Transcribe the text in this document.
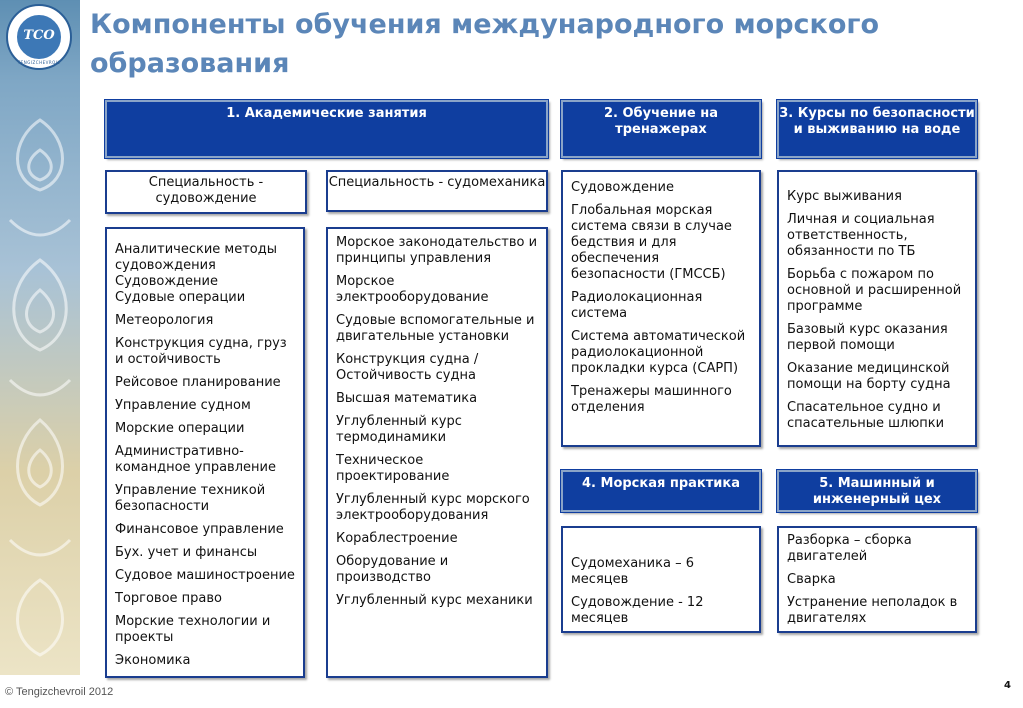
TCO
TENGIZCHEVROIL
Компоненты обучения международного морского образования
1. Академические занятия	2. Обучение на тренажерах
3. Курсы по безопасности и выживанию на воде
Специальность - судовождение
Специальность - судомеханика
Аналитические методы судовождения
Судовождение
Судовые операции
Метеорология
Конструкция судна, груз и остойчивость
Рейсовое планирование
Управление судном
Морские операции
Административно-командное управление
Управление техникой безопасности
Финансовое управление
Бух. учет и финансы
Судовое машиностроение
Торговое право
Морские технологии и проекты
Экономика
Морское законодательство и принципы управления
Морское электрооборудование
Судовые вспомогательные и двигательные установки
Конструкция судна / Остойчивость судна
Высшая математика
Углубленный курс термодинамики
Техническое проектирование
Углубленный курс морского электрооборудования
Кораблестроение
Оборудование и производство
Углубленный курс механики
Судовождение
Глобальная морская система связи в случае бедствия и для обеспечения безопасности (ГМССБ)
Радиолокационная система
Система автоматической радиолокационной прокладки курса (САРП)
Тренажеры машинного отделения
Курс выживания
Личная и социальная ответственность, обязанности по ТБ
Борьба с пожаром по основной и расширенной программе
Базовый курс оказания первой помощи
Оказание медицинской помощи на борту судна
Спасательное судно и спасательные шлюпки
4. Морская практика	5. Машинный и инженерный цех
Судомеханика – 6 месяцев
Судовождение - 12 месяцев
Разборка – сборка двигателей
Сварка
Устранение неполадок в двигателях
© Tengizchevroil 2012
4
